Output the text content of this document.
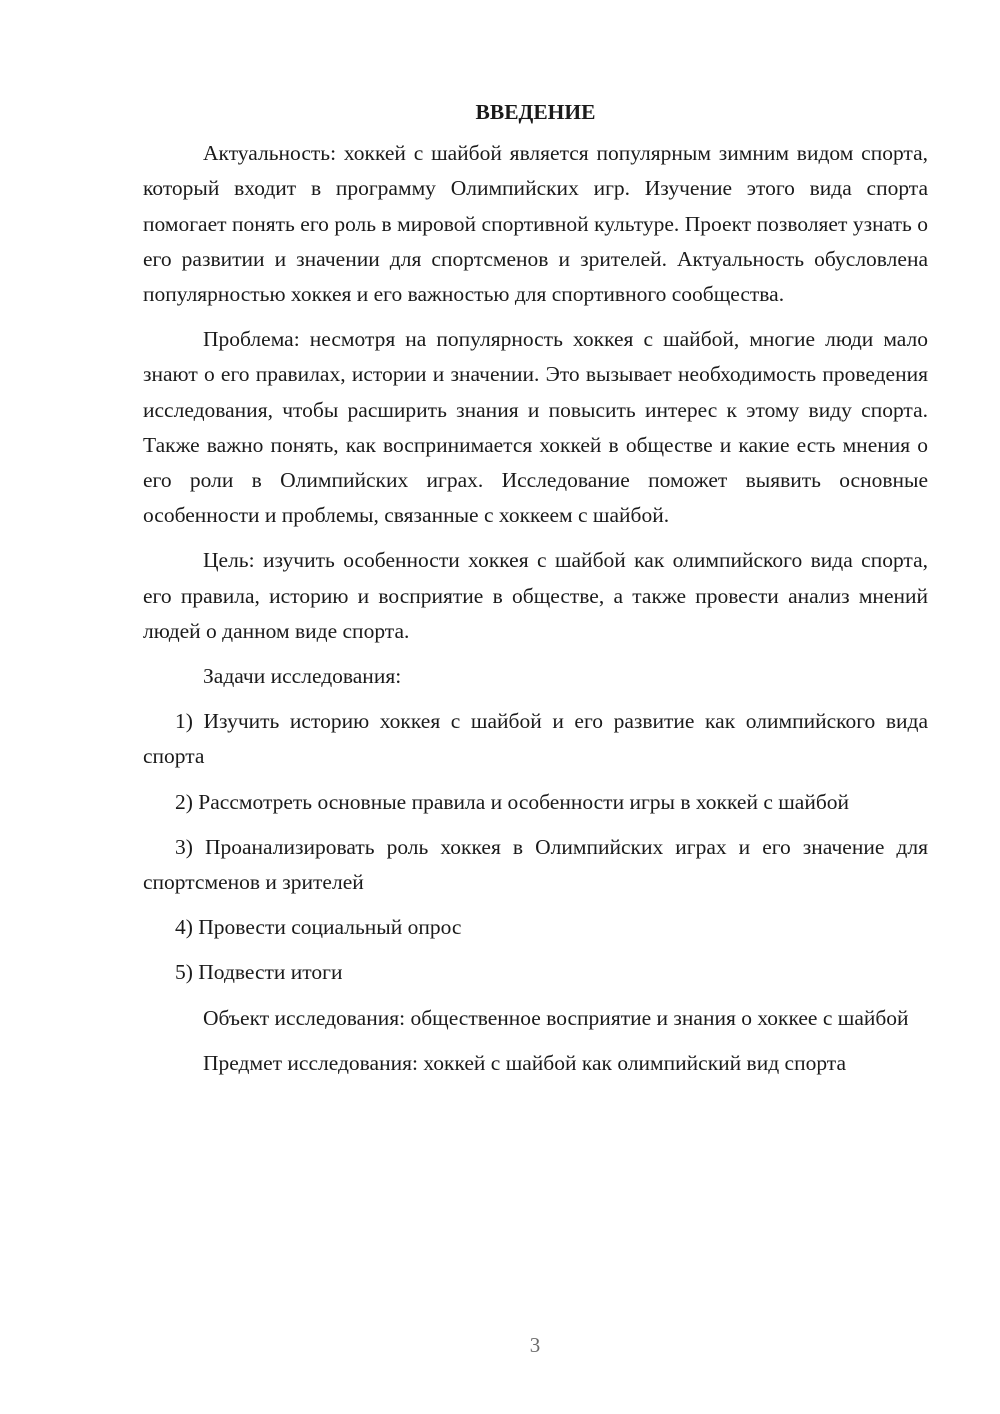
ВВЕДЕНИЕ

Актуальность: хоккей с шайбой является популярным зимним видом спорта, который входит в программу Олимпийских игр. Изучение этого вида спорта помогает понять его роль в мировой спортивной культуре. Проект позволяет узнать о его развитии и значении для спортсменов и зрителей. Актуальность обусловлена популярностью хоккея и его важностью для спортивного сообщества.

Проблема: несмотря на популярность хоккея с шайбой, многие люди мало знают о его правилах, истории и значении. Это вызывает необходимость проведения исследования, чтобы расширить знания и повысить интерес к этому виду спорта. Также важно понять, как воспринимается хоккей в обществе и какие есть мнения о его роли в Олимпийских играх. Исследование поможет выявить основные особенности и проблемы, связанные с хоккеем с шайбой.

Цель: изучить особенности хоккея с шайбой как олимпийского вида спорта, его правила, историю и восприятие в обществе, а также провести анализ мнений людей о данном виде спорта.

Задачи исследования:

1) Изучить историю хоккея с шайбой и его развитие как олимпийского вида спорта

2) Рассмотреть основные правила и особенности игры в хоккей с шайбой

3) Проанализировать роль хоккея в Олимпийских играх и его значение для спортсменов и зрителей

4) Провести социальный опрос

5) Подвести итоги

Объект исследования: общественное восприятие и знания о хоккее с шайбой

Предмет исследования: хоккей с шайбой как олимпийский вид спорта

3
